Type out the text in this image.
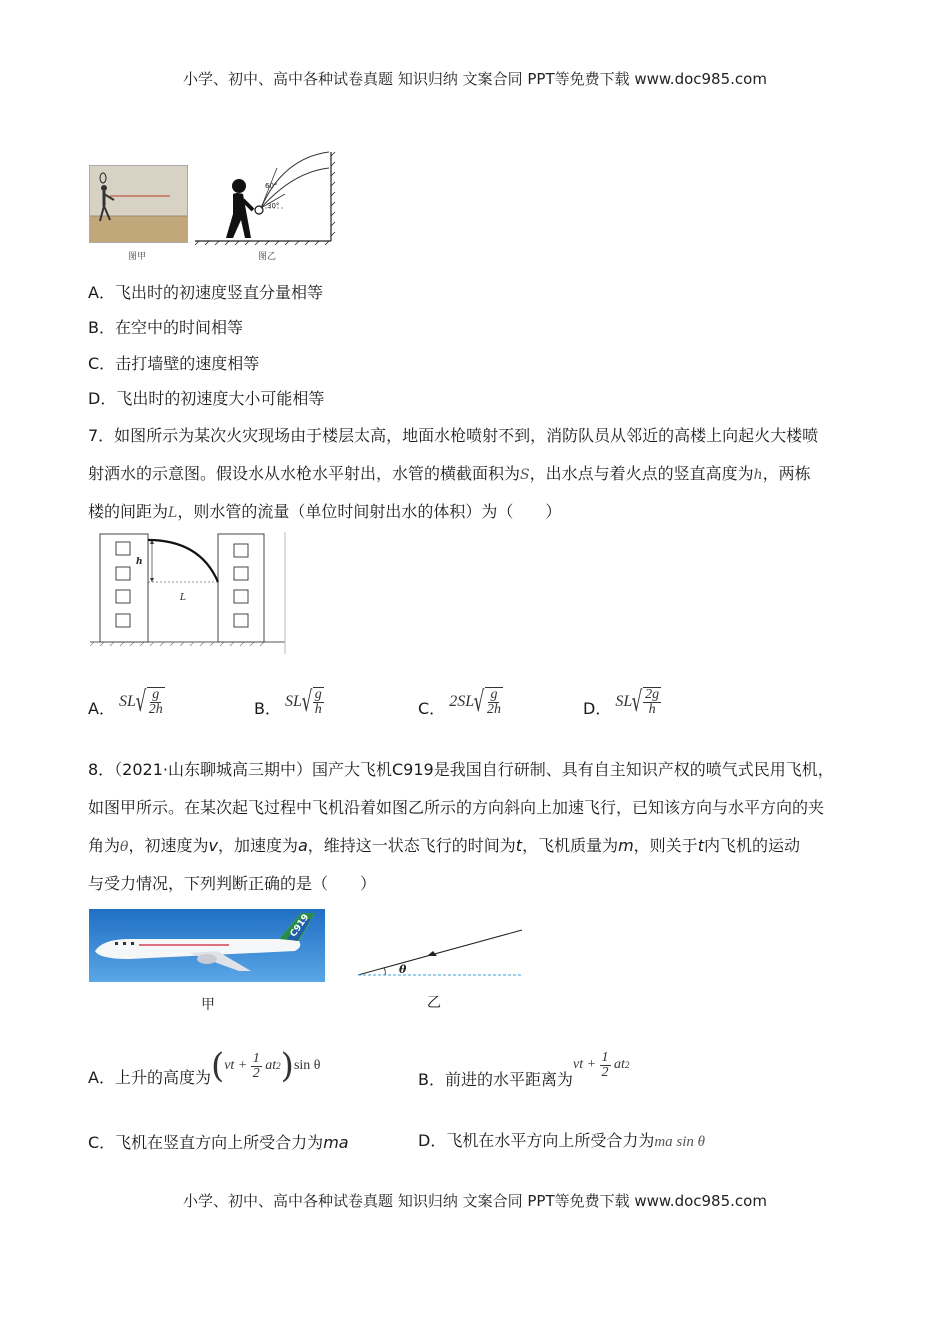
小学、初中、高中各种试卷真题 知识归纳 文案合同 PPT等免费下载 www.doc985.com
图甲
60°
30°
图乙
A．飞出时的初速度竖直分量相等
B．在空中的时间相等
C．击打墙壁的速度相等
D．飞出时的初速度大小可能相等
7．如图所示为某次火灾现场由于楼层太高，地面水枪喷射不到，消防队员从邻近的高楼上向起火大楼喷
射洒水的示意图。假设水从水枪水平射出，水管的横截面积为S，出水点与着火点的竖直高度为h，两栋
楼的间距为L，则水管的流量（单位时间射出水的体积）为（　　）
h
L
A． SL √ $\frac{g}{2h}$	B． SL √ $\frac{g}{h}$	C． 2SL √ $\frac{g}{2h}$	D． SL √ $\frac{2g}{h}$
8．（2021·山东聊城高三期中）国产大飞机C919是我国自行研制、具有自主知识产权的喷气式民用飞机，
如图甲所示。在某次起飞过程中飞机沿着如图乙所示的方向斜向上加速飞行，已知该方向与水平方向的夹
角为θ，初速度为v，加速度为a，维持这一状态飞行的时间为t，飞机质量为m，则关于t内飞机的运动
与受力情况，下列判断正确的是（　　）
C919
甲
θ
乙
A．上升的高度为 ( vt +
$\frac{1}{2}$
at 2 ) sin θ
B．前进的水平距离为
vt +
$\frac{1}{2}$
at 2
C．飞机在竖直方向上所受合力为ma	D．飞机在水平方向上所受合力为ma sin θ
小学、初中、高中各种试卷真题 知识归纳 文案合同 PPT等免费下载 www.doc985.com
